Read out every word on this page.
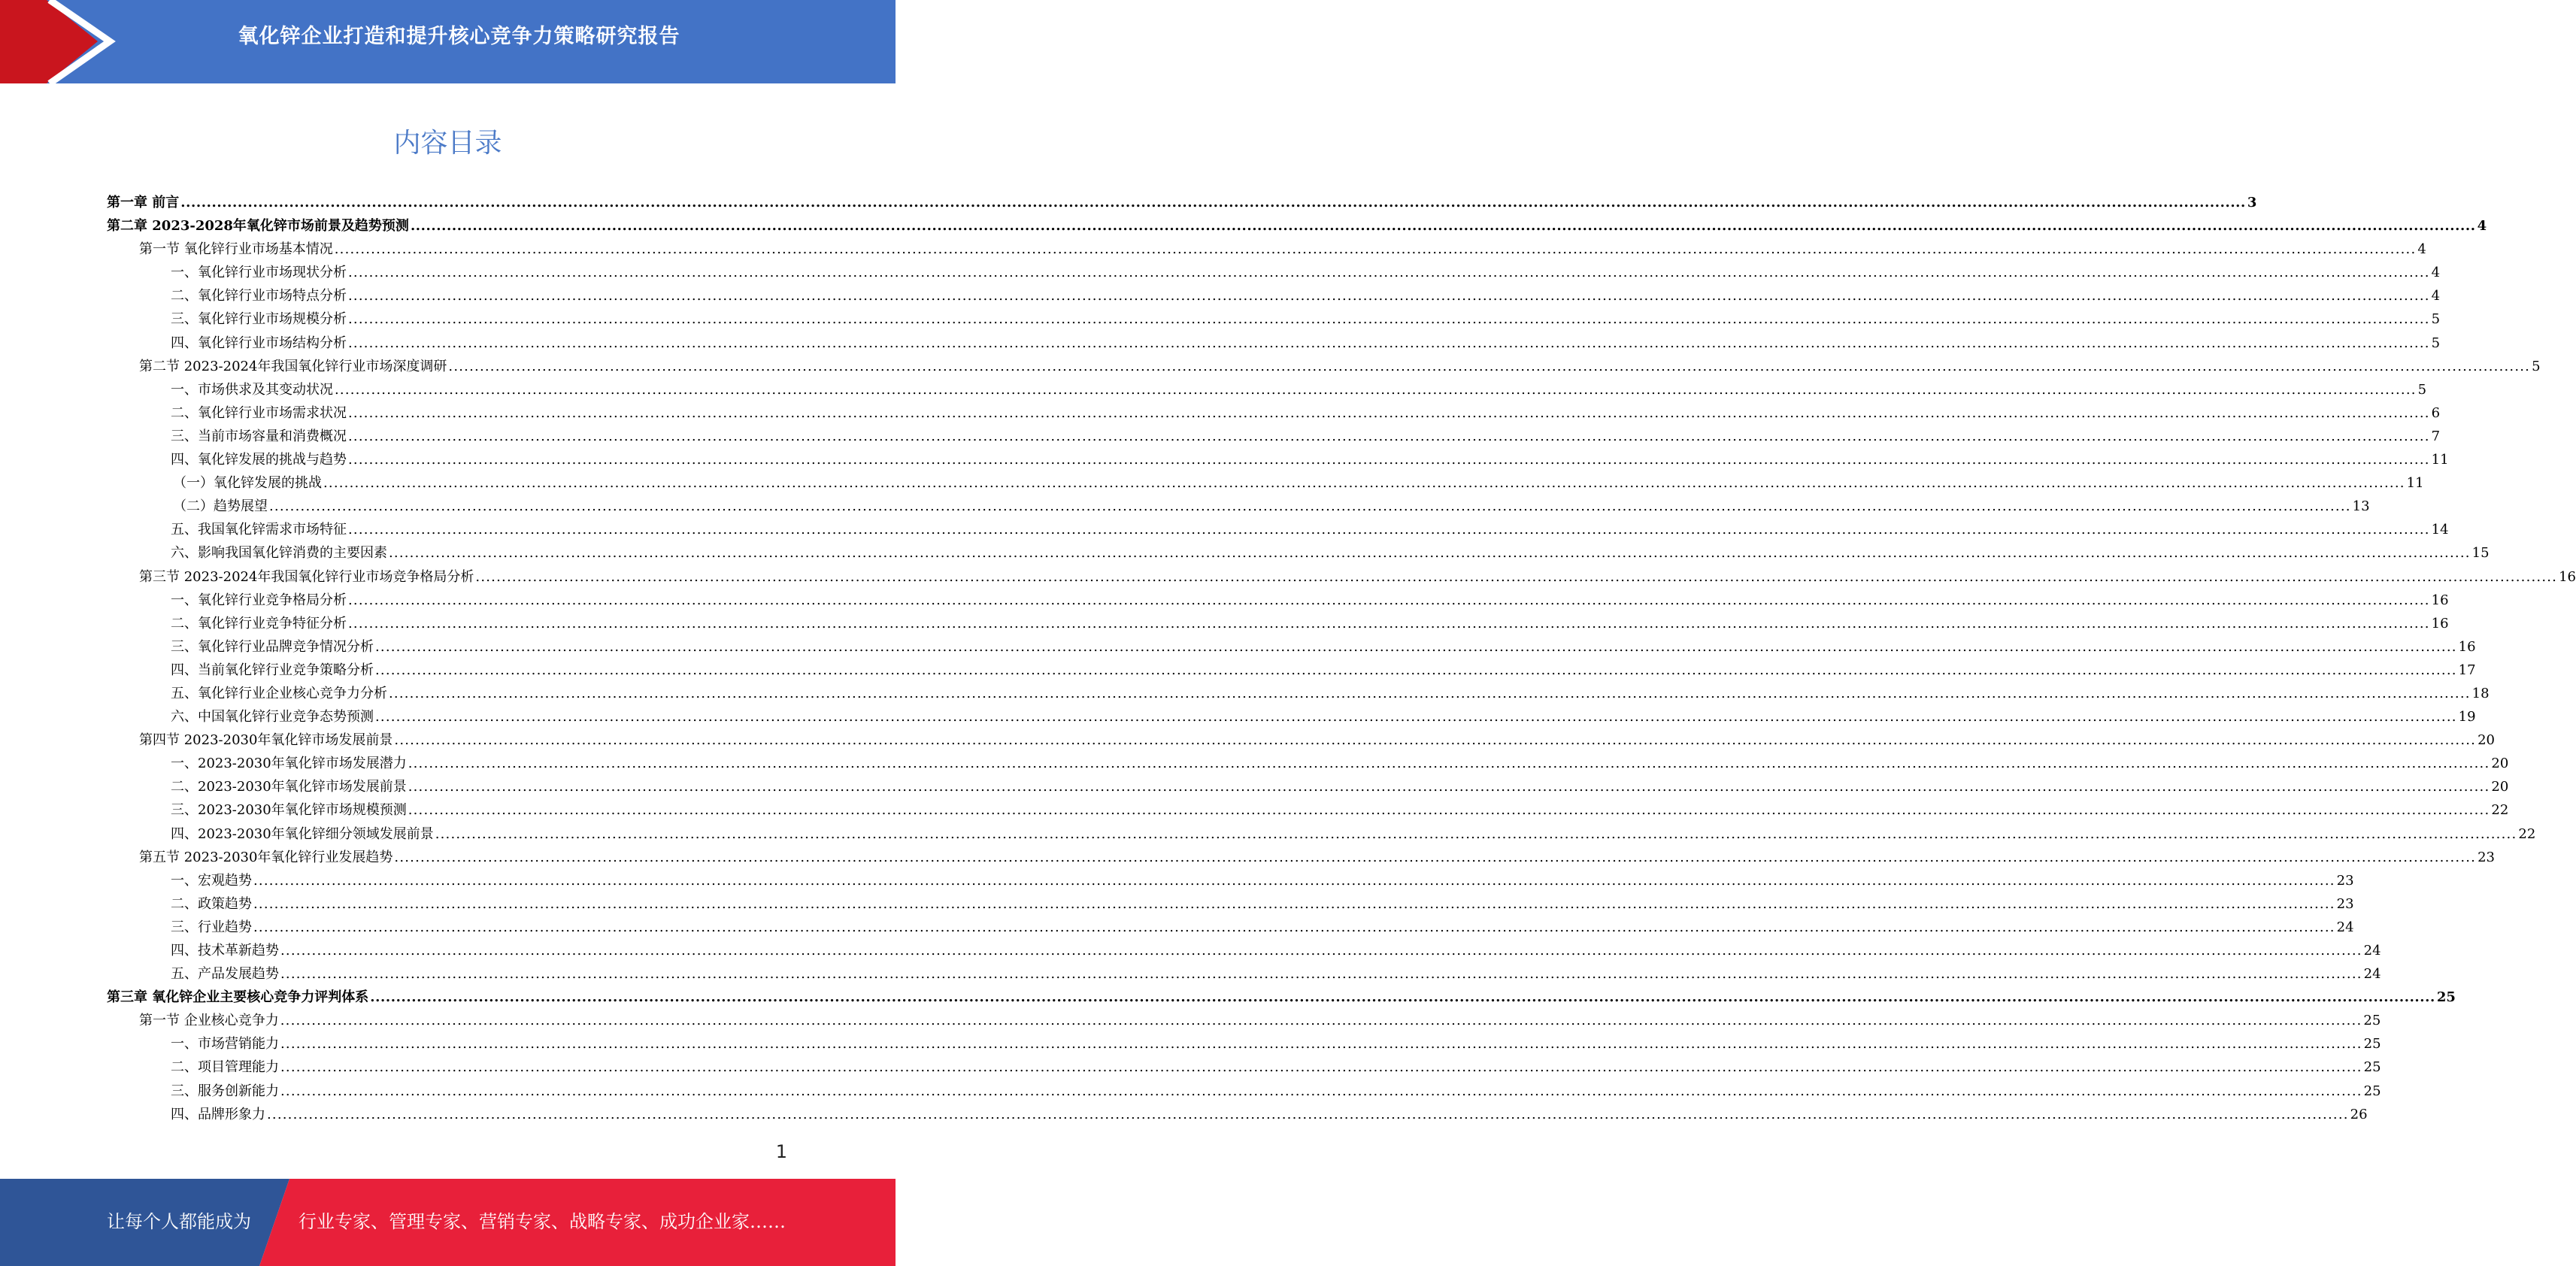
氧化锌企业打造和提升核心竞争力策略研究报告
内容目录
第一章 前言 ................................................................................................................................................................................................................................................................................................................................................................................................................ 3
第二章 2023-2028年氧化锌市场前景及趋势预测 ................................................................................................................................................................................................................................................................................................................................................................................................................ 4
第一节 氧化锌行业市场基本情况 ................................................................................................................................................................................................................................................................................................................................................................................................................ 4
一、氧化锌行业市场现状分析 ................................................................................................................................................................................................................................................................................................................................................................................................................ 4
二、氧化锌行业市场特点分析 ................................................................................................................................................................................................................................................................................................................................................................................................................ 4
三、氧化锌行业市场规模分析 ................................................................................................................................................................................................................................................................................................................................................................................................................ 5
四、氧化锌行业市场结构分析 ................................................................................................................................................................................................................................................................................................................................................................................................................ 5
第二节 2023-2024年我国氧化锌行业市场深度调研 ................................................................................................................................................................................................................................................................................................................................................................................................................ 5
一、市场供求及其变动状况 ................................................................................................................................................................................................................................................................................................................................................................................................................ 5
二、氧化锌行业市场需求状况 ................................................................................................................................................................................................................................................................................................................................................................................................................ 6
三、当前市场容量和消费概况 ................................................................................................................................................................................................................................................................................................................................................................................................................ 7
四、氧化锌发展的挑战与趋势 ................................................................................................................................................................................................................................................................................................................................................................................................................ 11
（一）氧化锌发展的挑战 ................................................................................................................................................................................................................................................................................................................................................................................................................ 11
（二）趋势展望 ................................................................................................................................................................................................................................................................................................................................................................................................................ 13
五、我国氧化锌需求市场特征 ................................................................................................................................................................................................................................................................................................................................................................................................................ 14
六、影响我国氧化锌消费的主要因素 ................................................................................................................................................................................................................................................................................................................................................................................................................ 15
第三节 2023-2024年我国氧化锌行业市场竞争格局分析 ................................................................................................................................................................................................................................................................................................................................................................................................................ 16
一、氧化锌行业竞争格局分析 ................................................................................................................................................................................................................................................................................................................................................................................................................ 16
二、氧化锌行业竞争特征分析 ................................................................................................................................................................................................................................................................................................................................................................................................................ 16
三、氧化锌行业品牌竞争情况分析 ................................................................................................................................................................................................................................................................................................................................................................................................................ 16
四、当前氧化锌行业竞争策略分析 ................................................................................................................................................................................................................................................................................................................................................................................................................ 17
五、氧化锌行业企业核心竞争力分析 ................................................................................................................................................................................................................................................................................................................................................................................................................ 18
六、中国氧化锌行业竞争态势预测 ................................................................................................................................................................................................................................................................................................................................................................................................................ 19
第四节 2023-2030年氧化锌市场发展前景 ................................................................................................................................................................................................................................................................................................................................................................................................................ 20
一、2023-2030年氧化锌市场发展潜力 ................................................................................................................................................................................................................................................................................................................................................................................................................ 20
二、2023-2030年氧化锌市场发展前景 ................................................................................................................................................................................................................................................................................................................................................................................................................ 20
三、2023-2030年氧化锌市场规模预测 ................................................................................................................................................................................................................................................................................................................................................................................................................ 22
四、2023-2030年氧化锌细分领域发展前景 ................................................................................................................................................................................................................................................................................................................................................................................................................ 22
第五节 2023-2030年氧化锌行业发展趋势 ................................................................................................................................................................................................................................................................................................................................................................................................................ 23
一、宏观趋势 ................................................................................................................................................................................................................................................................................................................................................................................................................ 23
二、政策趋势 ................................................................................................................................................................................................................................................................................................................................................................................................................ 23
三、行业趋势 ................................................................................................................................................................................................................................................................................................................................................................................................................ 24
四、技术革新趋势 ................................................................................................................................................................................................................................................................................................................................................................................................................ 24
五、产品发展趋势 ................................................................................................................................................................................................................................................................................................................................................................................................................ 24
第三章 氧化锌企业主要核心竞争力评判体系 ................................................................................................................................................................................................................................................................................................................................................................................................................ 25
第一节 企业核心竞争力 ................................................................................................................................................................................................................................................................................................................................................................................................................ 25
一、市场营销能力 ................................................................................................................................................................................................................................................................................................................................................................................................................ 25
二、项目管理能力 ................................................................................................................................................................................................................................................................................................................................................................................................................ 25
三、服务创新能力 ................................................................................................................................................................................................................................................................................................................................................................................................................ 25
四、品牌形象力 ................................................................................................................................................................................................................................................................................................................................................................................................................ 26
1
让每个人都能成为	行业专家、管理专家、营销专家、战略专家、成功企业家……
